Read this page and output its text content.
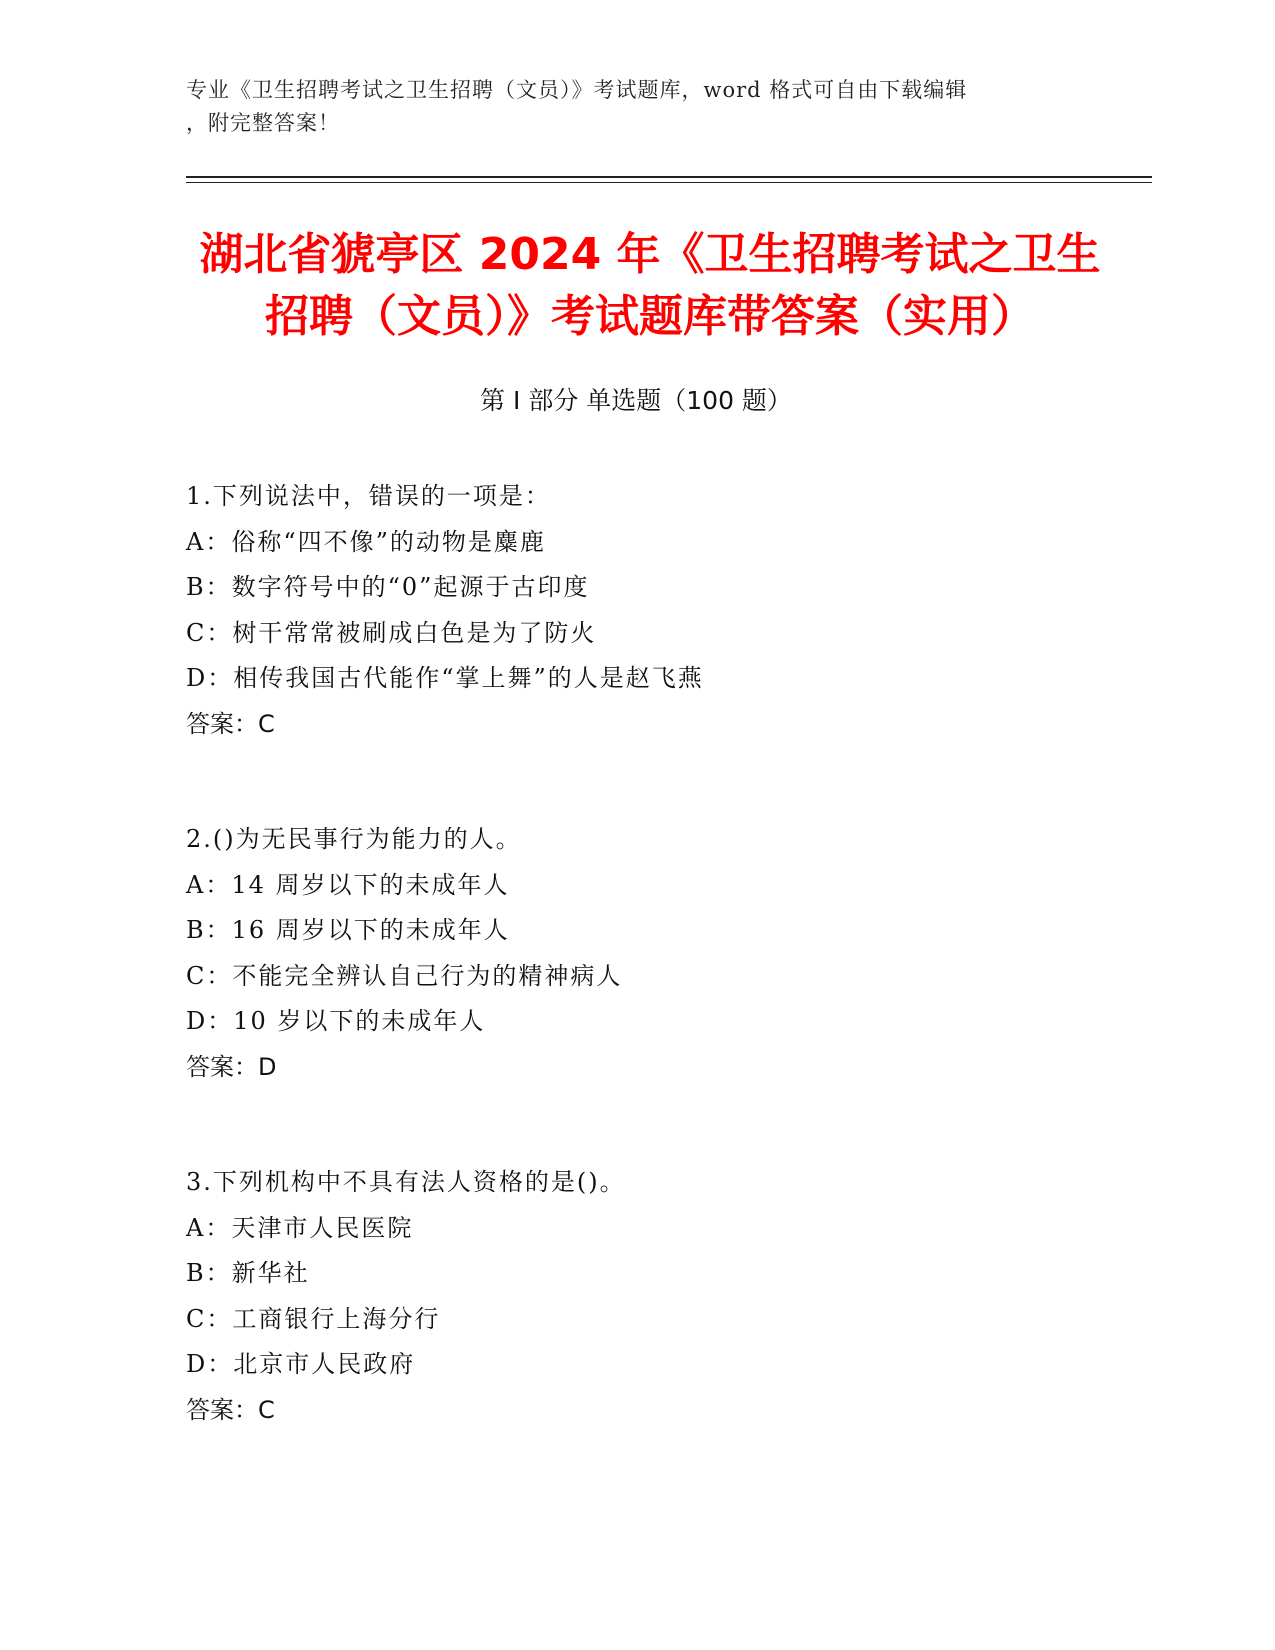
专业《卫生招聘考试之卫生招聘（文员）》考试题库，word 格式可自由下载编辑
，附完整答案！
湖北省猇亭区 2024 年《卫生招聘考试之卫生
招聘（文员）》考试题库带答案（实用）
第 I 部分 单选题（100 题）
1.下列说法中，错误的一项是：
A：俗称“四不像”的动物是麋鹿
B：数字符号中的“0”起源于古印度
C：树干常常被刷成白色是为了防火
D：相传我国古代能作“掌上舞”的人是赵飞燕
答案：C
2.()为无民事行为能力的人。
A：14 周岁以下的未成年人
B：16 周岁以下的未成年人
C：不能完全辨认自己行为的精神病人
D：10 岁以下的未成年人
答案：D
3.下列机构中不具有法人资格的是()。
A：天津市人民医院
B：新华社
C：工商银行上海分行
D：北京市人民政府
答案：C
